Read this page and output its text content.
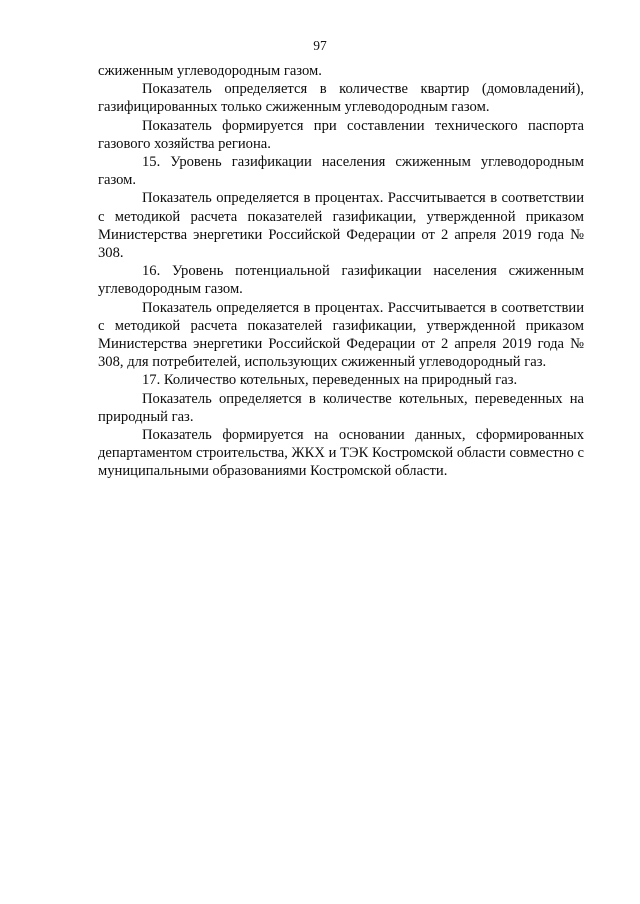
97

сжиженным углеводородным газом.

Показатель определяется в количестве квартир (домовладений), газифицированных только сжиженным углеводородным газом.

Показатель формируется при составлении технического паспорта газового хозяйства региона.

15. Уровень газификации населения сжиженным углеводородным газом.

Показатель определяется в процентах. Рассчитывается в соответствии с методикой расчета показателей газификации, утвержденной приказом Министерства энергетики Российской Федерации от 2 апреля 2019 года № 308.

16. Уровень потенциальной газификации населения сжиженным углеводородным газом.

Показатель определяется в процентах. Рассчитывается в соответствии с методикой расчета показателей газификации, утвержденной приказом Министерства энергетики Российской Федерации от 2 апреля 2019 года № 308, для потребителей, использующих сжиженный углеводородный газ.

17. Количество котельных, переведенных на природный газ.

Показатель определяется в количестве котельных, переведенных на природный газ.

Показатель формируется на основании данных, сформированных департаментом строительства, ЖКХ и ТЭК Костромской области совместно с муниципальными образованиями Костромской области.
